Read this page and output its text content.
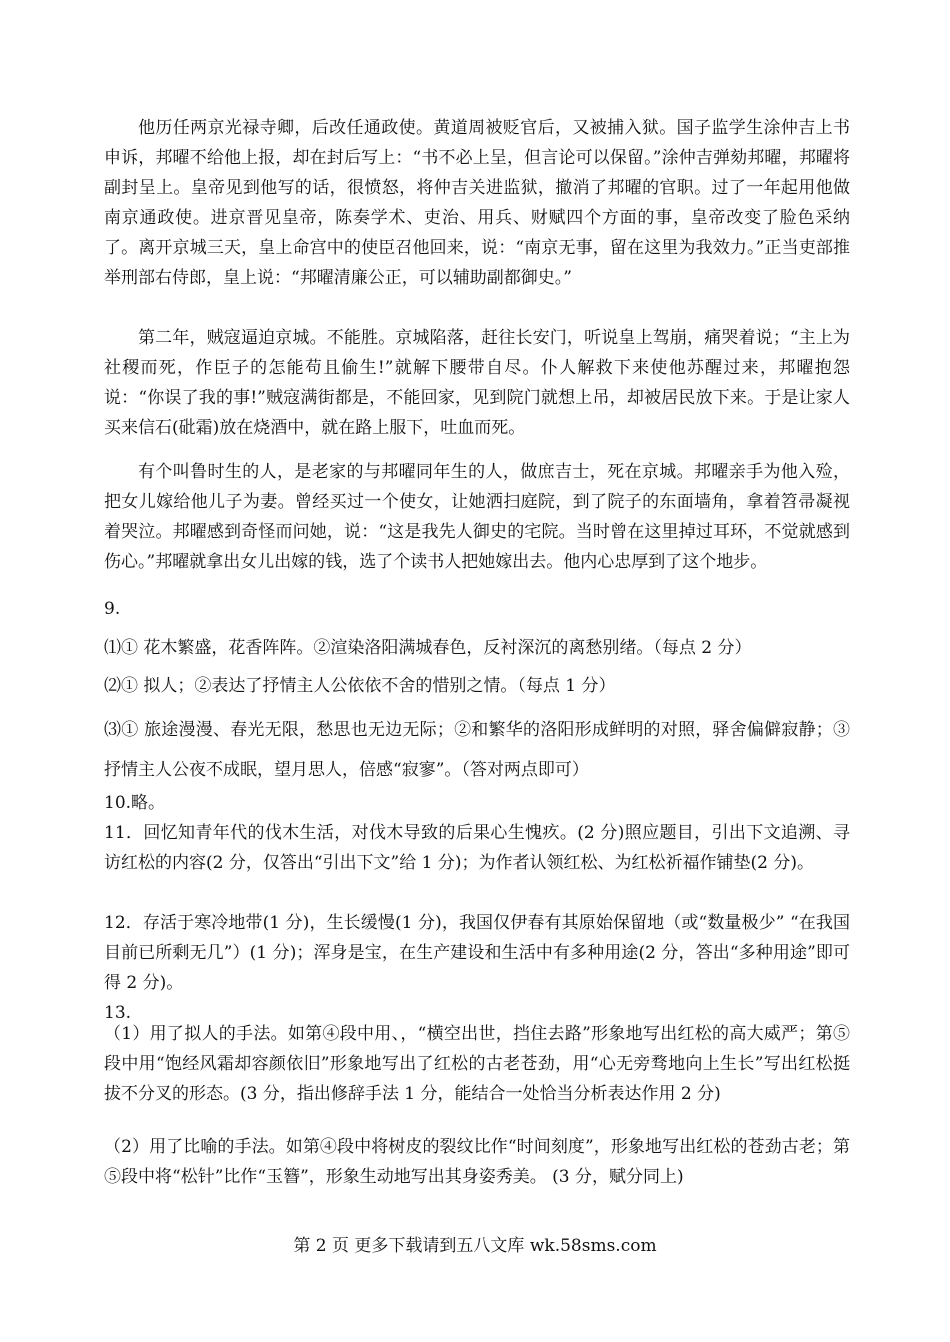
他历任两京光禄寺卿，后改任通政使。黄道周被贬官后，又被捕入狱。国子监学生涂仲吉上书申诉，邦曜不给他上报，却在封后写上：“书不必上呈，但言论可以保留。”涂仲吉弹劾邦曜，邦曜将副封呈上。皇帝见到他写的话，很愤怒，将仲吉关进监狱，撤消了邦曜的官职。过了一年起用他做南京通政使。进京晋见皇帝，陈奏学术、吏治、用兵、财赋四个方面的事，皇帝改变了脸色采纳了。离开京城三天，皇上命宫中的使臣召他回来，说：“南京无事，留在这里为我效力。”正当吏部推举刑部右侍郎，皇上说：“邦曜清廉公正，可以辅助副都御史。”
第二年，贼寇逼迫京城。不能胜。京城陷落，赶往长安门，听说皇上驾崩，痛哭着说；“主上为社稷而死，作臣子的怎能苟且偷生!”就解下腰带自尽。仆人解救下来使他苏醒过来，邦曜抱怨说：“你误了我的事!”贼寇满街都是，不能回家，见到院门就想上吊，却被居民放下来。于是让家人买来信石(砒霜)放在烧酒中，就在路上服下，吐血而死。
有个叫鲁时生的人，是老家的与邦曜同年生的人，做庶吉士，死在京城。邦曜亲手为他入殓，把女儿嫁给他儿子为妻。曾经买过一个使女，让她洒扫庭院，到了院子的东面墙角，拿着笤帚凝视着哭泣。邦曜感到奇怪而问她，说：“这是我先人御史的宅院。当时曾在这里掉过耳环，不觉就感到伤心。”邦曜就拿出女儿出嫁的钱，选了个读书人把她嫁出去。他内心忠厚到了这个地步。
9.
⑴① 花木繁盛，花香阵阵。②渲染洛阳满城春色，反衬深沉的离愁别绪。（每点 2 分）
⑵① 拟人；②表达了抒情主人公依依不舍的惜别之情。（每点 1 分）
⑶① 旅途漫漫、春光无限，愁思也无边无际；②和繁华的洛阳形成鲜明的对照，驿舍偏僻寂静；③抒情主人公夜不成眠，望月思人，倍感“寂寥”。（答对两点即可）
10.略。
11．回忆知青年代的伐木生活，对伐木导致的后果心生愧疚。(2 分)照应题目，引出下文追溯、寻访红松的内容(2 分，仅答出“引出下文”给 1 分)；为作者认领红松、为红松祈福作铺垫(2 分)。
12．存活于寒冷地带(1 分)，生长缓慢(1 分)，我国仅伊春有其原始保留地（或“数量极少” “在我国目前已所剩无几”）(1 分)；浑身是宝，在生产建设和生活中有多种用途(2 分，答出“多种用途”即可得 2 分)。
13.
（1）用了拟人的手法。如第④段中用、，“横空出世，挡住去路”形象地写出红松的高大威严；第⑤段中用“饱经风霜却容颜依旧”形象地写出了红松的古老苍劲，用“心无旁骛地向上生长”写出红松挺拔不分叉的形态。(3 分，指出修辞手法 1 分，能结合一处恰当分析表达作用 2 分)
（2）用了比喻的手法。如第④段中将树皮的裂纹比作“时间刻度”，形象地写出红松的苍劲古老；第⑤段中将“松针”比作“玉簪”，形象生动地写出其身姿秀美。 (3 分，赋分同上)
第 2 页 更多下载请到五八文库 wk.58sms.com
